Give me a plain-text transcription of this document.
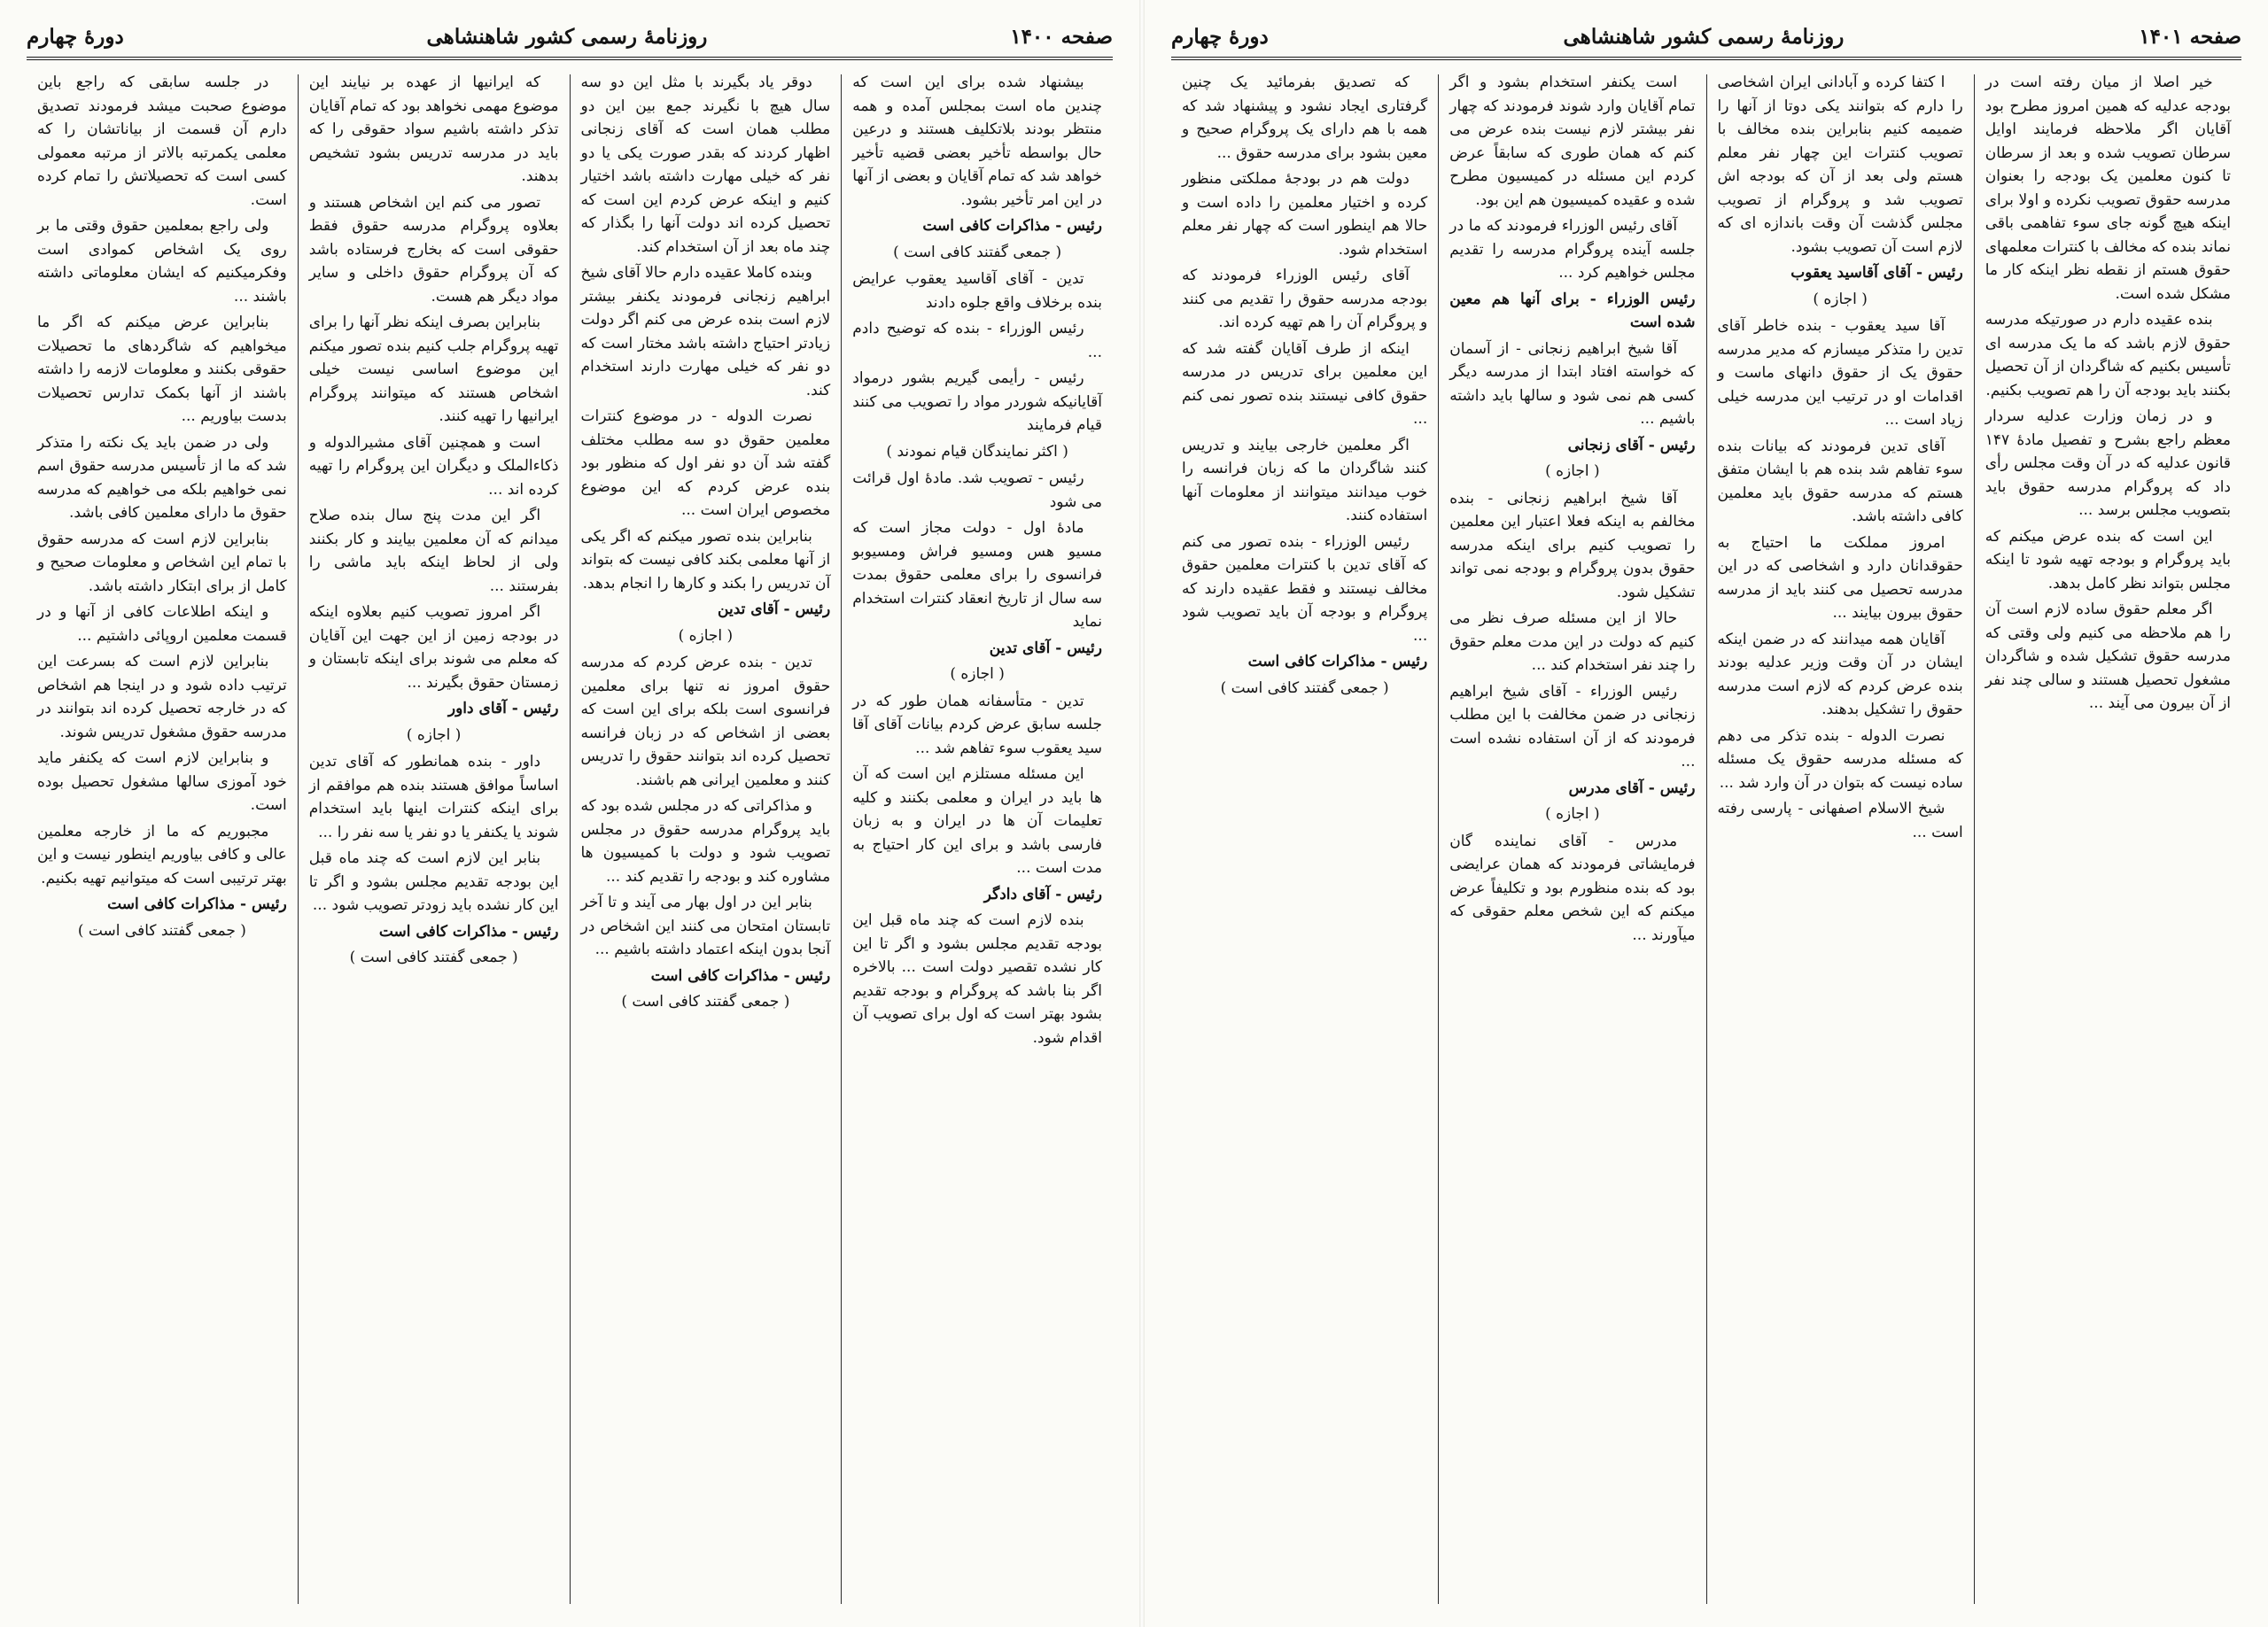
صفحه ۱۴۰۰
روزنامهٔ رسمی کشور شاهنشاهی
دورهٔ چهارم

بیشنهاد شده برای این است که چندین ماه است بمجلس آمده و همه منتظر بودند بلاتکلیف هستند و درعین حال بواسطه تأخیر بعضی قضیه تأخیر خواهد شد که تمام آقایان و بعضی از آنها در این امر تأخیر بشود.

رئیس - مذاکرات کافی است

( جمعی گفتند کافی است )

تدین - آقای آقاسید یعقوب عرایض بنده برخلاف واقع جلوه دادند

رئیس الوزراء - بنده که توضیح دادم ...

رئیس - رأیمی گیریم بشور درمواد آقایانیکه شوردر مواد را تصویب می کنند قیام فرمایند

( اکثر نمایندگان قیام نمودند )

رئیس - تصویب شد. مادهٔ اول قرائت می شود

مادهٔ اول - دولت مجاز است که مسیو هس ومسیو فراش ومسیوبو فرانسوی را برای معلمی حقوق بمدت سه سال از تاریخ انعقاد کنترات استخدام نماید

رئیس - آقای تدین

( اجازه )

تدین - متأسفانه همان طور که در جلسه سابق عرض کردم بیانات آقای آقا سید یعقوب سوء تفاهم شد ...

این مسئله مستلزم این است که آن ها باید در ایران و معلمی بکنند و کلیه تعلیمات آن ها در ایران و به زبان فارسی باشد و برای این کار احتیاج به مدت است ...

رئیس - آقای دادگر

بنده لازم است که چند ماه قبل این بودجه تقدیم مجلس بشود و اگر تا این کار نشده تقصیر دولت است ... بالاخره اگر بنا باشد که پروگرام و بودجه تقدیم بشود بهتر است که اول برای تصویب آن اقدام شود.

دوقر یاد بگیرند با مثل این دو سه سال هیچ با نگیرند جمع بین این دو مطلب همان است که آقای زنجانی اظهار کردند که بقدر صورت یکی یا دو نفر که خیلی مهارت داشته باشد اختیار کنیم و اینکه عرض کردم این است که تحصیل کرده اند دولت آنها را بگذار که چند ماه بعد از آن استخدام کند.

وبنده کاملا عقیده دارم حالا آقای شیخ ابراهیم زنجانی فرمودند یکنفر بیشتر لازم است بنده عرض می کنم اگر دولت زیادتر احتیاج داشته باشد مختار است که دو نفر که خیلی مهارت دارند استخدام کند.

نصرت الدوله - در موضوع کنترات معلمین حقوق دو سه مطلب مختلف گفته شد آن دو نفر اول که منظور بود بنده عرض کردم که این موضوع مخصوص ایران است ...

بنابراین بنده تصور میکنم که اگر یکی از آنها معلمی بکند کافی نیست که بتواند آن تدریس را بکند و کارها را انجام بدهد.

رئیس - آقای تدین

( اجازه )

تدین - بنده عرض کردم که مدرسه حقوق امروز نه تنها برای معلمین فرانسوی است بلکه برای این است که بعضی از اشخاص که در زبان فرانسه تحصیل کرده اند بتوانند حقوق را تدریس کنند و معلمین ایرانی هم باشند.

و مذاکراتی که در مجلس شده بود که باید پروگرام مدرسه حقوق در مجلس تصویب شود و دولت با کمیسیون ها مشاوره کند و بودجه را تقدیم کند ...

بنابر این در اول بهار می آیند و تا آخر تابستان امتحان می کنند این اشخاص در آنجا بدون اینکه اعتماد داشته باشیم ...

رئیس - مذاکرات کافی است

( جمعی گفتند کافی است )

که ایرانیها از عهده بر نیایند این موضوع مهمی نخواهد بود که تمام آقایان تذکر داشته باشیم سواد حقوقی را که باید در مدرسه تدریس بشود تشخیص بدهند.

تصور می کنم این اشخاص هستند و بعلاوه پروگرام مدرسه حقوق فقط حقوقی است که بخارج فرستاده باشد که آن پروگرام حقوق داخلی و سایر مواد دیگر هم هست.

بنابراین بصرف اینکه نظر آنها را برای تهیه پروگرام جلب کنیم بنده تصور میکنم این موضوع اساسی نیست خیلی اشخاص هستند که میتوانند پروگرام ایرانیها را تهیه کنند.

است و همچنین آقای مشیرالدوله و ذکاءالملک و دیگران این پروگرام را تهیه کرده اند ...

اگر این مدت پنج سال بنده صلاح میدانم که آن معلمین بیایند و کار بکنند ولی از لحاظ اینکه باید ماشی را بفرستند ...

اگر امروز تصویب کنیم بعلاوه اینکه در بودجه زمین از این جهت این آقایان که معلم می شوند برای اینکه تابستان و زمستان حقوق بگیرند ...

رئیس - آقای داور

( اجازه )

داور - بنده همانطور که آقای تدین اساساً موافق هستند بنده هم موافقم از برای اینکه کنترات اینها باید استخدام شوند یا یکنفر یا دو نفر یا سه نفر را ...

بنابر این لازم است که چند ماه قبل این بودجه تقدیم مجلس بشود و اگر تا این کار نشده باید زودتر تصویب شود ...

رئیس - مذاکرات کافی است

( جمعی گفتند کافی است )

در جلسه سابقی که راجع باین موضوع صحبت میشد فرمودند تصدیق دارم آن قسمت از بیاناتشان را که معلمی یکمرتبه بالاتر از مرتبه معمولی کسی است که تحصیلاتش را تمام کرده است.

ولی راجع بمعلمین حقوق وقتی ما بر روی یک اشخاص کموادی است وفکرمیکنیم که ایشان معلوماتی داشته باشند ...

بنابراین عرض میکنم که اگر ما میخواهیم که شاگردهای ما تحصیلات حقوقی بکنند و معلومات لازمه را داشته باشند از آنها بکمک تدارس تحصیلات بدست بیاوریم ...

ولی در ضمن باید یک نکته را متذکر شد که ما از تأسیس مدرسه حقوق اسم نمی خواهیم بلکه می خواهیم که مدرسه حقوق ما دارای معلمین کافی باشد.

بنابراین لازم است که مدرسه حقوق با تمام این اشخاص و معلومات صحیح و کامل از برای ابتکار داشته باشد.

و اینکه اطلاعات کافی از آنها و در قسمت معلمین اروپائی داشتیم ...

بنابراین لازم است که بسرعت این ترتیب داده شود و در اینجا هم اشخاص که در خارجه تحصیل کرده اند بتوانند در مدرسه حقوق مشغول تدریس شوند.

و بنابراین لازم است که یکنفر ماید خود آموزی سالها مشغول تحصیل بوده است.

مجبوریم که ما از خارجه معلمین عالی و کافی بیاوریم اینطور نیست و این بهتر ترتیبی است که میتوانیم تهیه بکنیم.

رئیس - مذاکرات کافی است

( جمعی گفتند کافی است )

صفحه ۱۴۰۱
روزنامهٔ رسمی کشور شاهنشاهی
دورهٔ چهارم

خیر اصلا از میان رفته است در بودجه عدلیه که همین امروز مطرح بود آقایان اگر ملاحظه فرمایند اوایل سرطان تصویب شده و بعد از سرطان تا کنون معلمین یک بودجه را بعنوان مدرسه حقوق تصویب نکرده و اولا برای اینکه هیچ گونه جای سوء تفاهمی باقی نماند بنده که مخالف با کنترات معلمهای حقوق هستم از نقطه نظر اینکه کار ما مشکل شده است.

بنده عقیده دارم در صورتیکه مدرسه حقوق لازم باشد که ما یک مدرسه ای تأسیس بکنیم که شاگردان از آن تحصیل بکنند باید بودجه آن را هم تصویب بکنیم.

و در زمان وزارت عدلیه سردار معظم راجع بشرح و تفصیل مادهٔ ۱۴۷ قانون عدلیه که در آن وقت مجلس رأی داد که پروگرام مدرسه حقوق باید بتصویب مجلس برسد ...

این است که بنده عرض میکنم که باید پروگرام و بودجه تهیه شود تا اینکه مجلس بتواند نظر کامل بدهد.

اگر معلم حقوق ساده لازم است آن را هم ملاحظه می کنیم ولی وقتی که مدرسه حقوق تشکیل شده و شاگردان مشغول تحصیل هستند و سالی چند نفر از آن بیرون می آیند ...

ا کتفا کرده و آبادانی ایران اشخاصی را دارم که بتوانند یکی دوتا از آنها را ضمیمه کنیم بنابراین بنده مخالف با تصویب کنترات این چهار نفر معلم هستم ولی بعد از آن که بودجه اش تصویب شد و پروگرام از تصویب مجلس گذشت آن وقت باندازه ای که لازم است آن تصویب بشود.

رئیس - آقای آقاسید یعقوب

( اجازه )

آقا سید یعقوب - بنده خاطر آقای تدین را متذکر میسازم که مدیر مدرسه حقوق یک از حقوق دانهای ماست و اقدامات او در ترتیب این مدرسه خیلی زیاد است ...

آقای تدین فرمودند که بیانات بنده سوء تفاهم شد بنده هم با ایشان متفق هستم که مدرسه حقوق باید معلمین کافی داشته باشد.

امروز مملکت ما احتیاج به حقوقدانان دارد و اشخاصی که در این مدرسه تحصیل می کنند باید از مدرسه حقوق بیرون بیایند ...

آقایان همه میدانند که در ضمن اینکه ایشان در آن وقت وزیر عدلیه بودند بنده عرض کردم که لازم است مدرسه حقوق را تشکیل بدهند.

نصرت الدوله - بنده تذکر می دهم که مسئله مدرسه حقوق یک مسئله ساده نیست که بتوان در آن وارد شد ...

شیخ الاسلام اصفهانی - پارسی رفته است ...

است یکنفر استخدام بشود و اگر تمام آقایان وارد شوند فرمودند که چهار نفر بیشتر لازم نیست بنده عرض می کنم که همان طوری که سابقاً عرض کردم این مسئله در کمیسیون مطرح شده و عقیده کمیسیون هم این بود.

آقای رئیس الوزراء فرمودند که ما در جلسه آینده پروگرام مدرسه را تقدیم مجلس خواهیم کرد ...

رئیس الوزراء - برای آنها هم معین شده است

آقا شیخ ابراهیم زنجانی - از آسمان که خواسته افتاد ابتدا از مدرسه دیگر کسی هم نمی شود و سالها باید داشته باشیم ...

رئیس - آقای زنجانی

( اجازه )

آقا شیخ ابراهیم زنجانی - بنده مخالفم به اینکه فعلا اعتبار این معلمین را تصویب کنیم برای اینکه مدرسه حقوق بدون پروگرام و بودجه نمی تواند تشکیل شود.

حالا از این مسئله صرف نظر می کنیم که دولت در این مدت معلم حقوق را چند نفر استخدام کند ...

رئیس الوزراء - آقای شیخ ابراهیم زنجانی در ضمن مخالفت با این مطلب فرمودند که از آن استفاده نشده است ...

رئیس - آقای مدرس

( اجازه )

مدرس - آقای نماینده گان فرمایشاتی فرمودند که همان عرایضی بود که بنده منظورم بود و تکلیفاً عرض میکنم که این شخص معلم حقوقی که میآورند ...

که تصدیق بفرمائید یک چنین گرفتاری ایجاد نشود و پیشنهاد شد که همه با هم دارای یک پروگرام صحیح و معین بشود برای مدرسه حقوق ...

دولت هم در بودجهٔ مملکتی منظور کرده و اختیار معلمین را داده است و حالا هم اینطور است که چهار نفر معلم استخدام شود.

آقای رئیس الوزراء فرمودند که بودجه مدرسه حقوق را تقدیم می کنند و پروگرام آن را هم تهیه کرده اند.

اینکه از طرف آقایان گفته شد که این معلمین برای تدریس در مدرسه حقوق کافی نیستند بنده تصور نمی کنم ...

اگر معلمین خارجی بیایند و تدریس کنند شاگردان ما که زبان فرانسه را خوب میدانند میتوانند از معلومات آنها استفاده کنند.

رئیس الوزراء - بنده تصور می کنم که آقای تدین با کنترات معلمین حقوق مخالف نیستند و فقط عقیده دارند که پروگرام و بودجه آن باید تصویب شود ...

رئیس - مذاکرات کافی است

( جمعی گفتند کافی است )
